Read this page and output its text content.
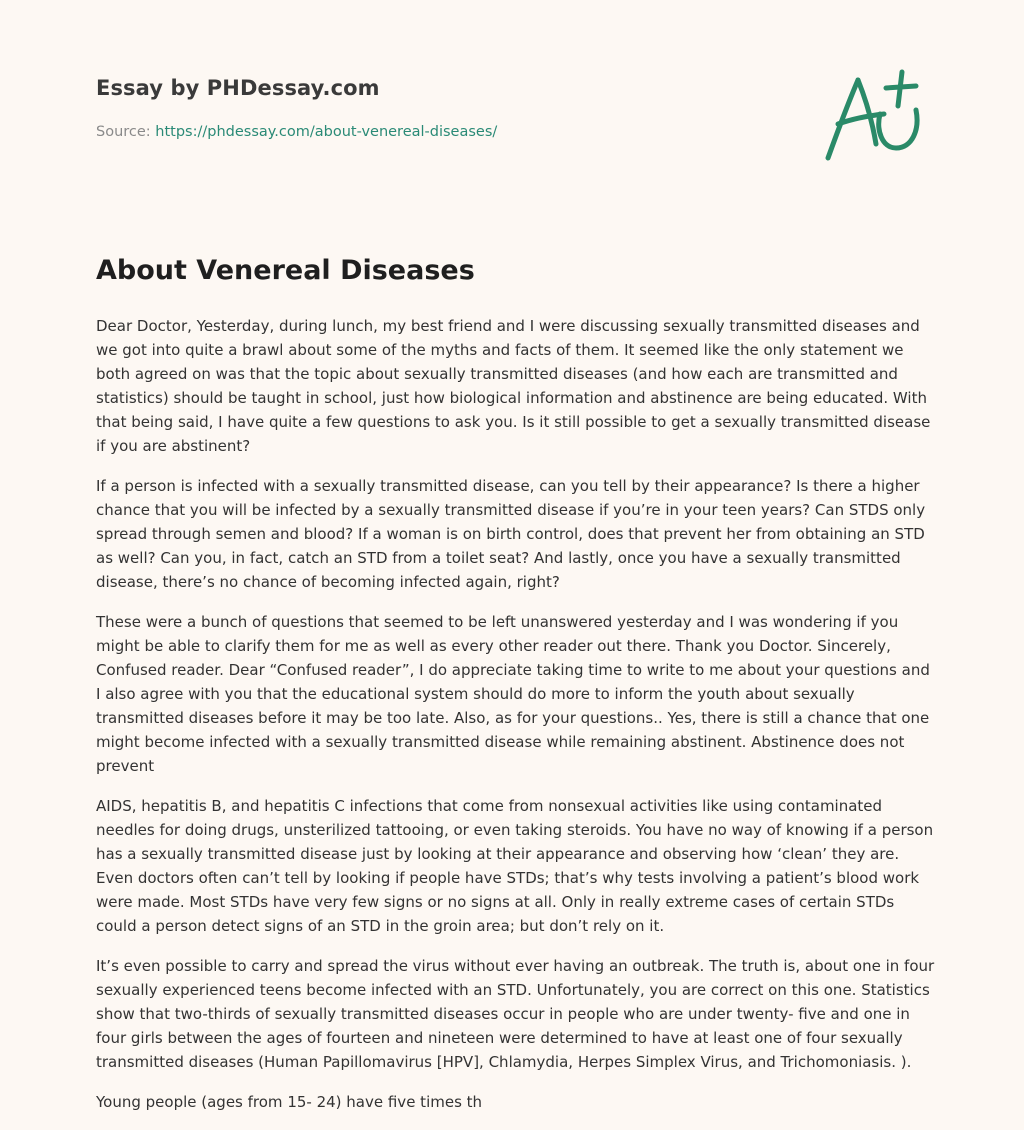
Essay by PHDessay.com
Source: https://phdessay.com/about-venereal-diseases/
About Venereal Diseases

Dear Doctor, Yesterday, during lunch, my best friend and I were discussing sexually transmitted diseases and we got into quite a brawl about some of the myths and facts of them. It seemed like the only statement we both agreed on was that the topic about sexually transmitted diseases (and how each are transmitted and statistics) should be taught in school, just how biological information and abstinence are being educated. With that being said, I have quite a few questions to ask you. Is it still possible to get a sexually transmitted disease if you are abstinent?

If a person is infected with a sexually transmitted disease, can you tell by their appearance? Is there a higher chance that you will be infected by a sexually transmitted disease if you’re in your teen years? Can STDS only spread through semen and blood? If a woman is on birth control, does that prevent her from obtaining an STD as well? Can you, in fact, catch an STD from a toilet seat? And lastly, once you have a sexually transmitted disease, there’s no chance of becoming infected again, right?

These were a bunch of questions that seemed to be left unanswered yesterday and I was wondering if you might be able to clarify them for me as well as every other reader out there. Thank you Doctor. Sincerely, Confused reader. Dear “Confused reader”, I do appreciate taking time to write to me about your questions and I also agree with you that the educational system should do more to inform the youth about sexually transmitted diseases before it may be too late. Also, as for your questions.. Yes, there is still a chance that one might become infected with a sexually transmitted disease while remaining abstinent. Abstinence does not prevent

AIDS, hepatitis B, and hepatitis C infections that come from nonsexual activities like using contaminated needles for doing drugs, unsterilized tattooing, or even taking steroids. You have no way of knowing if a person has a sexually transmitted disease just by looking at their appearance and observing how ‘clean’ they are. Even doctors often can’t tell by looking if people have STDs; that’s why tests involving a patient’s blood work were made. Most STDs have very few signs or no signs at all. Only in really extreme cases of certain STDs could a person detect signs of an STD in the groin area; but don’t rely on it.

It’s even possible to carry and spread the virus without ever having an outbreak. The truth is, about one in four sexually experienced teens become infected with an STD. Unfortunately, you are correct on this one. Statistics show that two-thirds of sexually transmitted diseases occur in people who are under twenty- five and one in four girls between the ages of fourteen and nineteen were determined to have at least one of four sexually transmitted diseases (Human Papillomavirus [HPV], Chlamydia, Herpes Simplex Virus, and Trichomoniasis. ).

Young people (ages from 15- 24) have five times th
